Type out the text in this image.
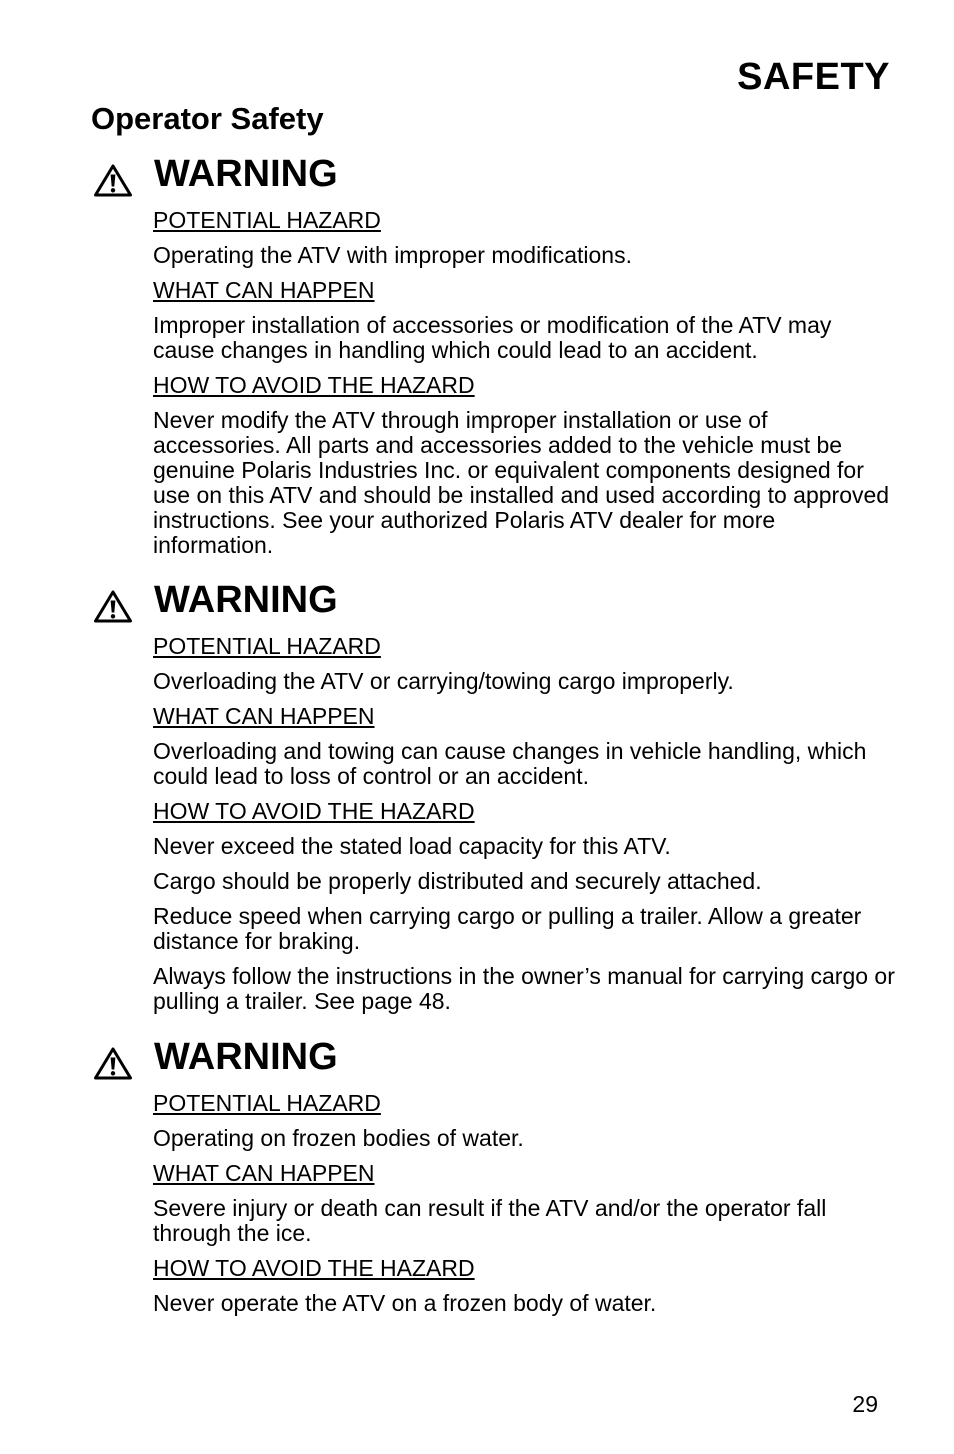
SAFETY
Operator Safety
WARNING
POTENTIAL HAZARD

Operating the ATV with improper modifications.

WHAT CAN HAPPEN

Improper installation of accessories or modification of the ATV may cause changes in handling which could lead to an accident.

HOW TO AVOID THE HAZARD

Never modify the ATV through improper installation or use of accessories. All parts and accessories added to the vehicle must be genuine Polaris Industries Inc. or equivalent components designed for use on this ATV and should be installed and used according to approved instructions. See your authorized Polaris ATV dealer for more information.

WARNING
POTENTIAL HAZARD

Overloading the ATV or carrying/towing cargo improperly.

WHAT CAN HAPPEN

Overloading and towing can cause changes in vehicle handling, which could lead to loss of control or an accident.

HOW TO AVOID THE HAZARD

Never exceed the stated load capacity for this ATV.

Cargo should be properly distributed and securely attached.

Reduce speed when carrying cargo or pulling a trailer. Allow a greater distance for braking.

Always follow the instructions in the owner’s manual for carrying cargo or pulling a trailer. See page 48.

WARNING
POTENTIAL HAZARD

Operating on frozen bodies of water.

WHAT CAN HAPPEN

Severe injury or death can result if the ATV and/or the operator fall through the ice.

HOW TO AVOID THE HAZARD

Never operate the ATV on a frozen body of water.

29
